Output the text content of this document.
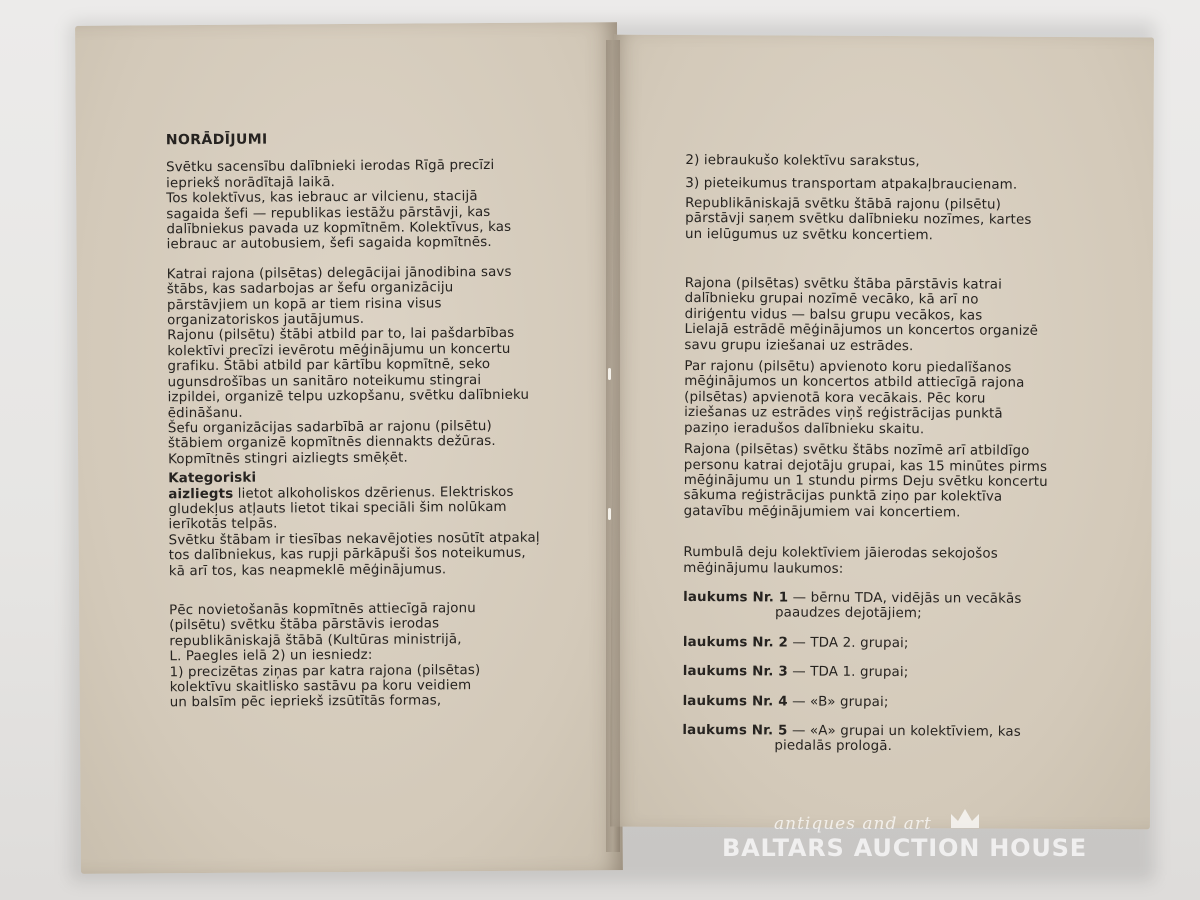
NORĀDĪJUMI

Svētku sacensību dalībnieki ierodas Rīgā precīzi
iepriekš norādītajā laikā.
Tos kolektīvus, kas iebrauc ar vilcienu, stacijā
sagaida šefi — republikas iestāžu pārstāvji, kas
dalībniekus pavada uz kopmītnēm. Kolektīvus, kas
iebrauc ar autobusiem, šefi sagaida kopmītnēs.

Katrai rajona (pilsētas) delegācijai jānodibina savs
štābs, kas sadarbojas ar šefu organizāciju
pārstāvjiem un kopā ar tiem risina visus
organizatoriskos jautājumus.
Rajonu (pilsētu) štābi atbild par to, lai pašdarbības
kolektīvi precīzi ievērotu mēģinājumu un koncertu
grafiku. Štābi atbild par kārtību kopmītnē, seko
ugunsdrošības un sanitāro noteikumu stingrai
izpildei, organizē telpu uzkopšanu, svētku dalībnieku
ēdināšanu.
Šefu organizācijas sadarbībā ar rajonu (pilsētu)
štābiem organizē kopmītnēs diennakts dežūras.
Kopmītnēs stingri aizliegts smēķēt.

Kategoriski
aizliegts lietot alkoholiskos dzērienus. Elektriskos
gludekļus atļauts lietot tikai speciāli šim nolūkam
ierīkotās telpās.
Svētku štābam ir tiesības nekavējoties nosūtīt atpakaļ
tos dalībniekus, kas rupji pārkāpuši šos noteikumus,
kā arī tos, kas neapmeklē mēģinājumus.

Pēc novietošanās kopmītnēs attiecīgā rajonu
(pilsētu) svētku štāba pārstāvis ierodas
republikāniskajā štābā (Kultūras ministrijā,
L. Paegles ielā 2) un iesniedz:
1) precizētas ziņas par katra rajona (pilsētas)
kolektīvu skaitlisko sastāvu pa koru veidiem
un balsīm pēc iepriekš izsūtītās formas,

2) iebraukušo kolektīvu sarakstus,

3) pieteikumus transportam atpakaļbraucienam.

Republikāniskajā svētku štābā rajonu (pilsētu)
pārstāvji saņem svētku dalībnieku nozīmes, kartes
un ielūgumus uz svētku koncertiem.

Rajona (pilsētas) svētku štāba pārstāvis katrai
dalībnieku grupai nozīmē vecāko, kā arī no
diriģentu vidus — balsu grupu vecākos, kas
Lielajā estrādē mēģinājumos un koncertos organizē
savu grupu iziešanai uz estrādes.

Par rajonu (pilsētu) apvienoto koru piedalīšanos
mēģinājumos un koncertos atbild attiecīgā rajona
(pilsētas) apvienotā kora vecākais. Pēc koru
iziešanas uz estrādes viņš reģistrācijas punktā
paziņo ieradušos dalībnieku skaitu.

Rajona (pilsētas) svētku štābs nozīmē arī atbildīgo
personu katrai dejotāju grupai, kas 15 minūtes pirms
mēģinājumu un 1 stundu pirms Deju svētku koncertu
sākuma reģistrācijas punktā ziņo par kolektīva
gatavību mēģinājumiem vai koncertiem.

Rumbulā deju kolektīviem jāierodas sekojošos
mēģinājumu laukumos:

laukums Nr. 1 — bērnu TDA, vidējās un vecākās
paaudzes dejotājiem;
laukums Nr. 2 — TDA 2. grupai;
laukums Nr. 3 — TDA 1. grupai;
laukums Nr. 4 — «B» grupai;
laukums Nr. 5 — «A» grupai un kolektīviem, kas
piedalās prologā.
antiques and art
BALTARS AUCTION HOUSE
